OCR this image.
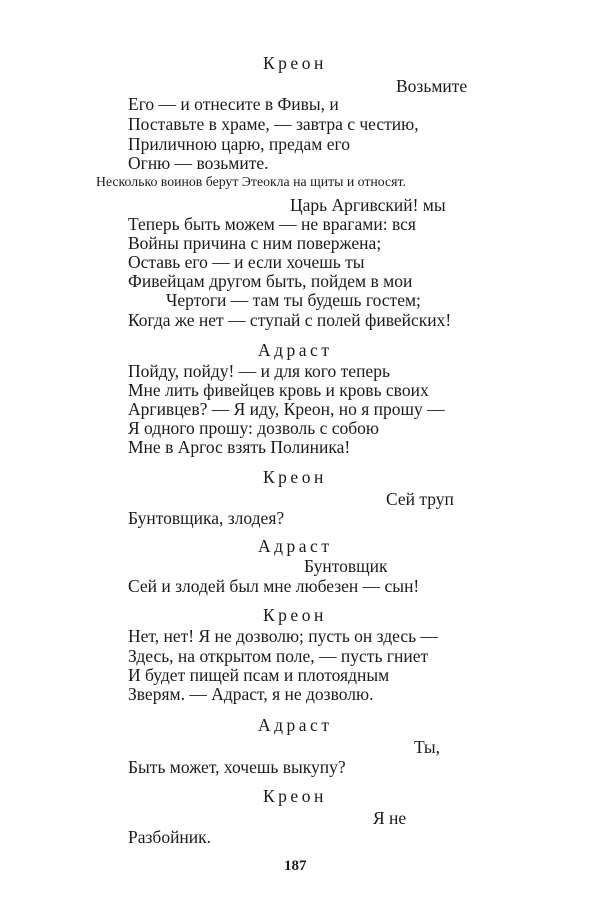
Креон
Возьмите
Его — и отнесите в Фивы, и
Поставьте в храме, — завтра с честию,
Приличною царю, предам его
Огню — возьмите.
Несколько воинов берут Этеокла на щиты и относят.
Царь Аргивский! мы
Теперь быть можем — не врагами: вся
Войны причина с ним повержена;
Оставь его — и если хочешь ты
Фивейцам другом быть, пойдем в мои
Чертоги — там ты будешь гостем;
Когда же нет — ступай с полей фивейских!
Адраст
Пойду, пойду! — и для кого теперь
Мне лить фивейцев кровь и кровь своих
Аргивцев? — Я иду, Креон, но я прошу —
Я одного прошу: дозволь с собою
Мне в Аргос взять Полиника!
Креон
Сей труп
Бунтовщика, злодея?
Адраст
Бунтовщик
Сей и злодей был мне любезен — сын!
Креон
Нет, нет! Я не дозволю; пусть он здесь —
Здесь, на открытом поле, — пусть гниет
И будет пищей псам и плотоядным
Зверям. — Адраст, я не дозволю.
Адраст
Ты,
Быть может, хочешь выкупу?
Креон
Я не
Разбойник.
187
